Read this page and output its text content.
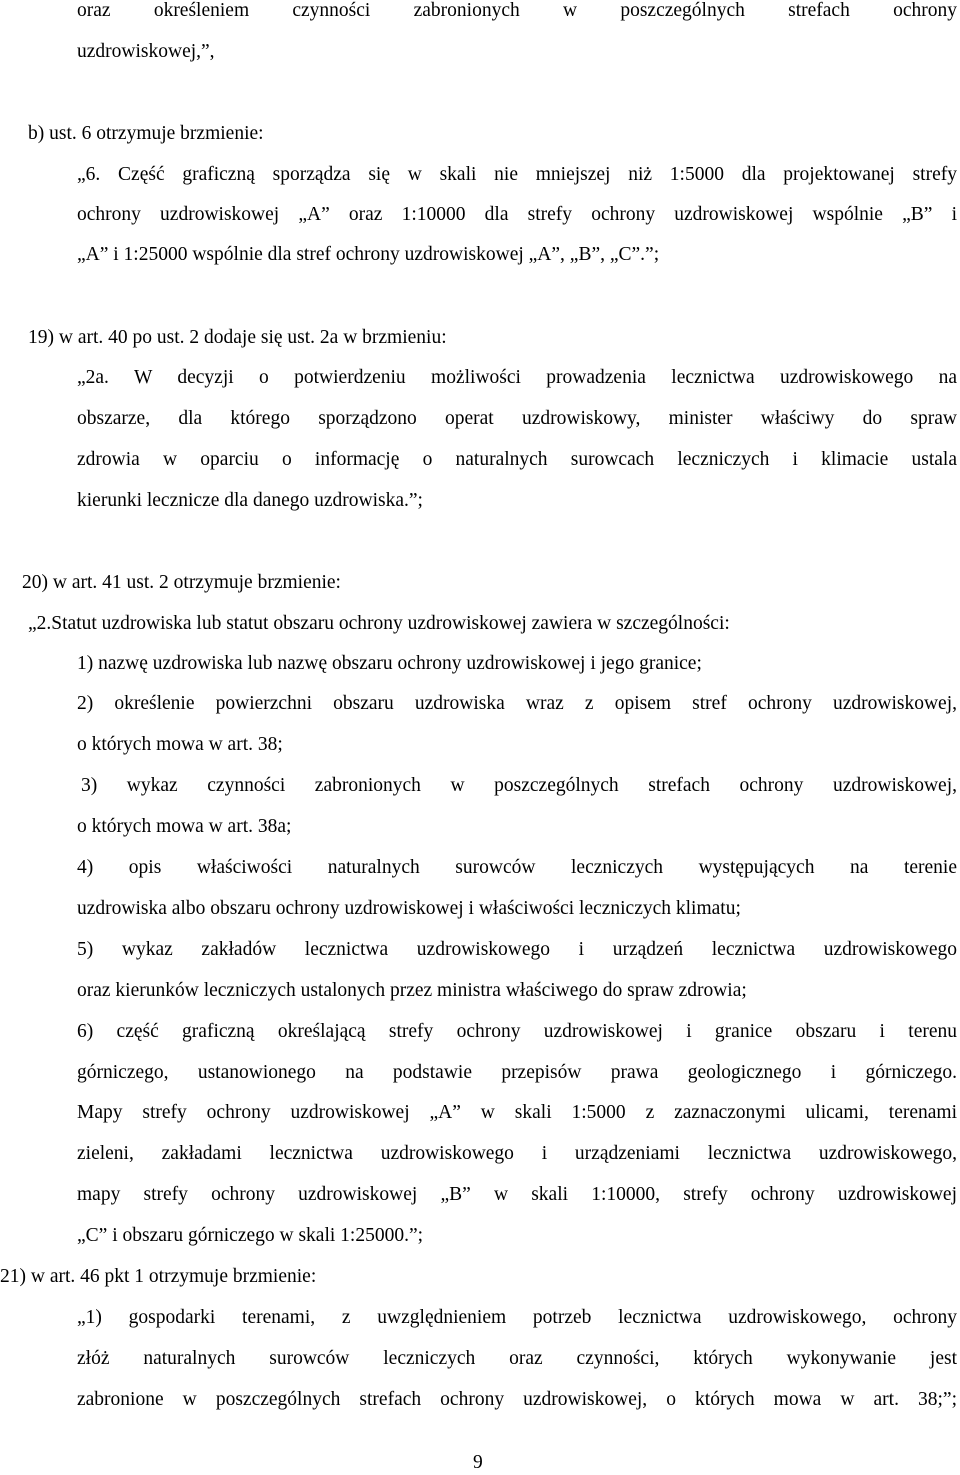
oraz określeniem czynności zabronionych w poszczególnych strefach ochrony

uzdrowiskowej,”,

b) ust. 6 otrzymuje brzmienie:

„6. Część graficzną sporządza się w skali nie mniejszej niż 1:5000 dla projektowanej strefy

ochrony uzdrowiskowej „A” oraz 1:10000 dla strefy ochrony uzdrowiskowej wspólnie „B” i

„A” i 1:25000 wspólnie dla stref ochrony uzdrowiskowej „A”, „B”, „C”.”;

19) w art. 40 po ust. 2 dodaje się ust. 2a w brzmieniu:

„2a. W decyzji o potwierdzeniu możliwości prowadzenia lecznictwa uzdrowiskowego na

obszarze, dla którego sporządzono operat uzdrowiskowy, minister właściwy do spraw

zdrowia w oparciu o informację o naturalnych surowcach leczniczych i klimacie ustala

kierunki lecznicze dla danego uzdrowiska.”;

20) w art. 41 ust. 2 otrzymuje brzmienie:

„2.Statut uzdrowiska lub statut obszaru ochrony uzdrowiskowej zawiera w szczególności:

1) nazwę uzdrowiska lub nazwę obszaru ochrony uzdrowiskowej i jego granice;

2) określenie powierzchni obszaru uzdrowiska wraz z opisem stref ochrony uzdrowiskowej,

o których mowa w art. 38;

3) wykaz czynności zabronionych w poszczególnych strefach ochrony uzdrowiskowej,

o których mowa w art. 38a;

4) opis właściwości naturalnych surowców leczniczych występujących na terenie

uzdrowiska albo obszaru ochrony uzdrowiskowej i właściwości leczniczych klimatu;

5) wykaz zakładów lecznictwa uzdrowiskowego i urządzeń lecznictwa uzdrowiskowego

oraz kierunków leczniczych ustalonych przez ministra właściwego do spraw zdrowia;

6) część graficzną określającą strefy ochrony uzdrowiskowej i granice obszaru i terenu

górniczego, ustanowionego na podstawie przepisów prawa geologicznego i górniczego.

Mapy strefy ochrony uzdrowiskowej „A” w skali 1:5000 z zaznaczonymi ulicami, terenami

zieleni, zakładami lecznictwa uzdrowiskowego i urządzeniami lecznictwa uzdrowiskowego,

mapy strefy ochrony uzdrowiskowej „B” w skali 1:10000, strefy ochrony uzdrowiskowej

„C” i obszaru górniczego w skali 1:25000.”;

21) w art. 46 pkt 1 otrzymuje brzmienie:

„1) gospodarki terenami, z uwzględnieniem potrzeb lecznictwa uzdrowiskowego, ochrony

złóż naturalnych surowców leczniczych oraz czynności, których wykonywanie jest

zabronione w poszczególnych strefach ochrony uzdrowiskowej, o których mowa w art. 38;”;

9
